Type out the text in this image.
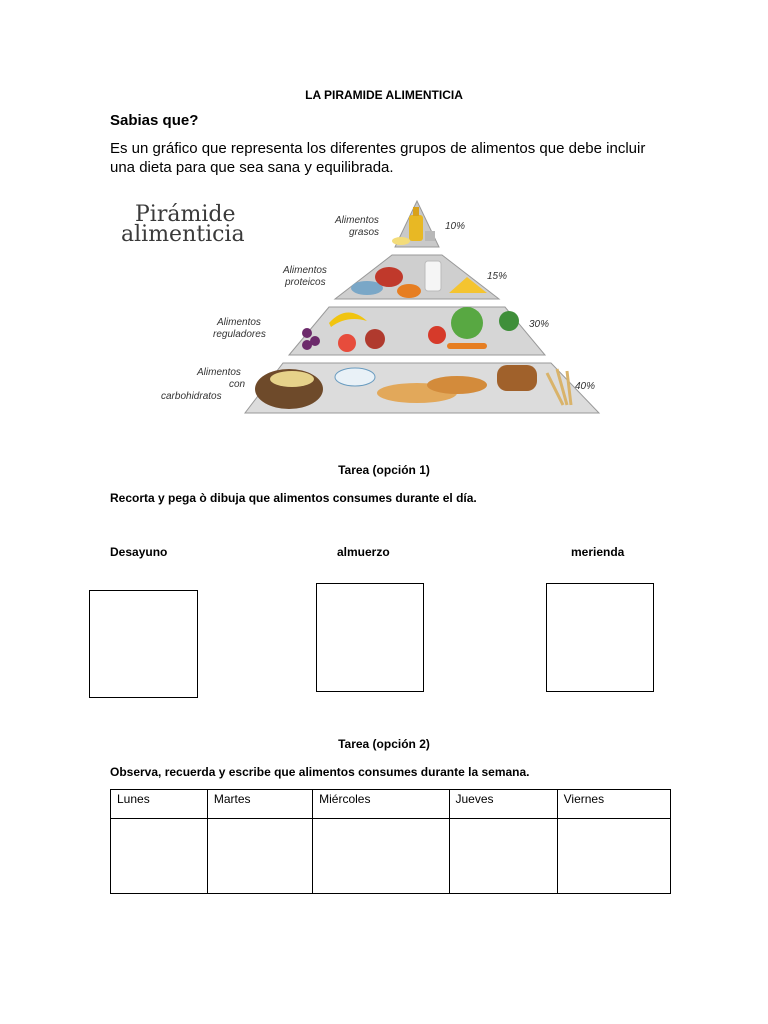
LA PIRAMIDE ALIMENTICIA
Sabias que?
Es un gráfico que representa los diferentes grupos de alimentos que debe incluir una dieta para que sea sana y equilibrada.
Pirámide
alimenticia
Alimentos
grasos
10%
Alimentos
proteicos
15%
Alimentos
reguladores
30%
Alimentos
con
carbohidratos
40%
Tarea (opción 1)
Recorta y pega ò dibuja que alimentos consumes durante el día.
Desayuno	almuerzo	merienda
Tarea (opción 2)
Observa, recuerda y escribe que alimentos consumes durante la semana.
Lunes	Martes	Miércoles	Jueves	Viernes
